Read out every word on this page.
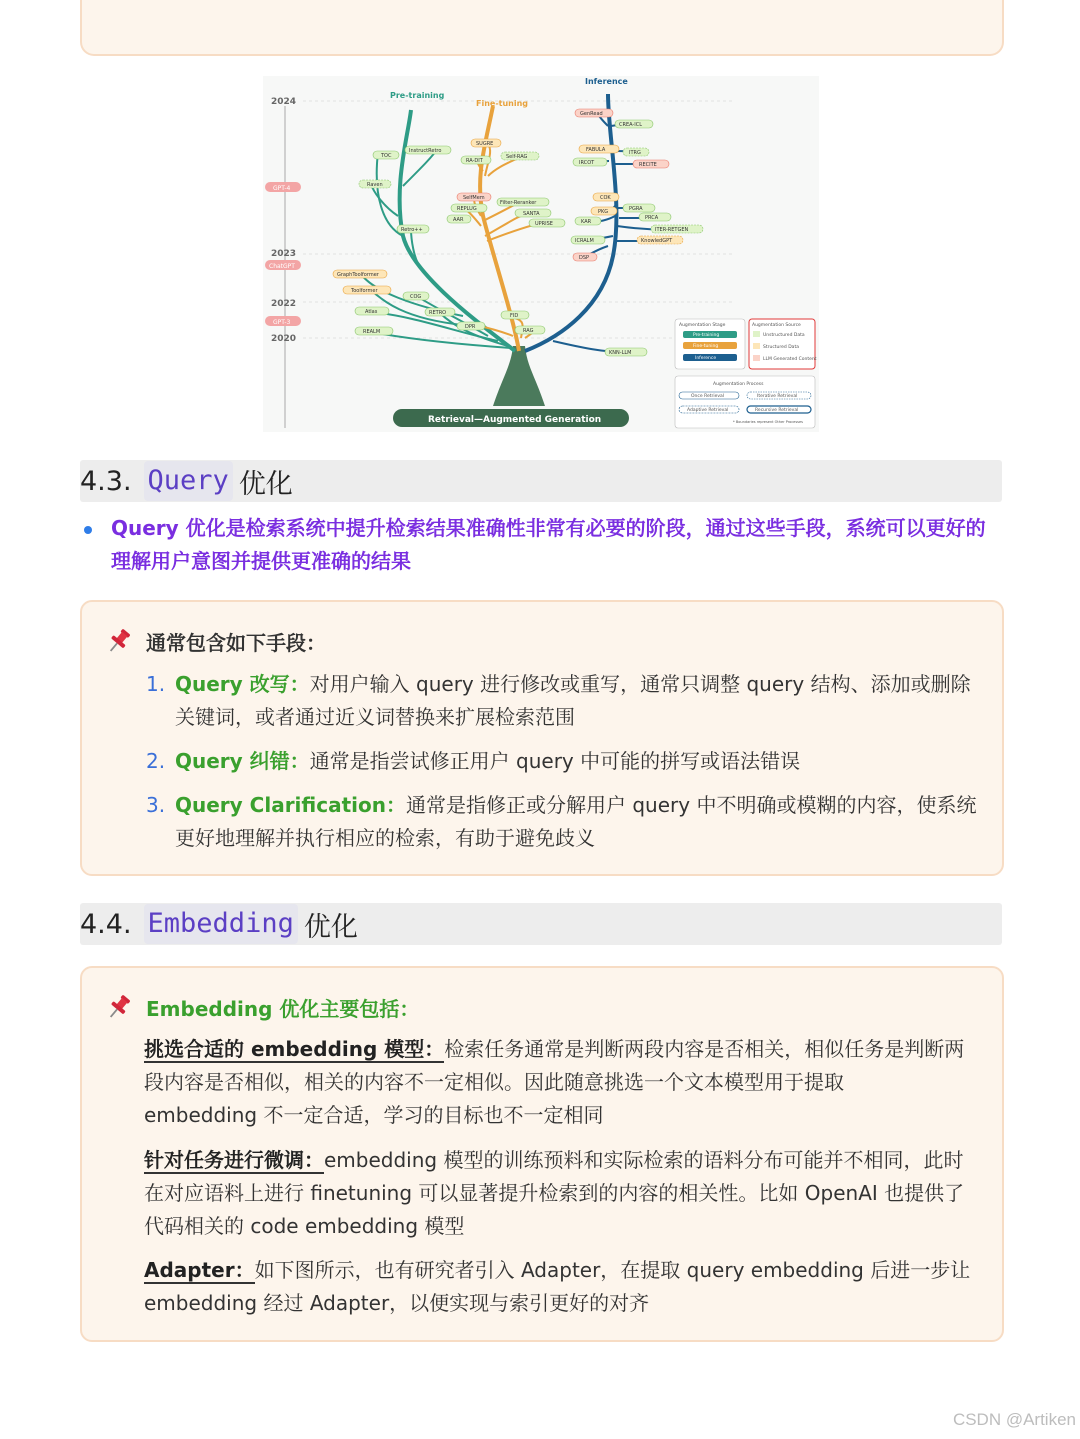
2024
GPT-4
2023
ChatGPT
2022
GPT-3
2020
Pre-training
Fine-tuning
Inference
InstructRetro
TOC
Raven
Retro++
GraphToolformer
Toolformer
COG
Atlas	RETRO
REALM
SUGRE
RA-DIT
Self-RAG
SelfMem
REPLUG
AAR
Filter-Reranker
SANTA
UPRISE
DPR
FID
RAG
GenRead
CREA-ICL
FABULA	ITRG
IRCOT	RECITE
COK
PKG	PGRA
KAR
PRCA
ITER-RETGEN
ICRALM	KnowledGPT
DSP
KNN-LLM
Retrieval—Augmented Generation
Augmentation Stage
Pre-training
Fine-tuning
Inference
Augmentation Source
Unstructured Data
Structured Data
LLM Generated Content
Augmentation Process
Once Retrieval	Iterative Retrieval
Adaptive Retrieval	Recursive Retrieval
* Boundaries represent Other Processes
4.3. Query 优化
Query 优化是检索系统中提升检索结果准确性非常有必要的阶段，通过这些手段，系统可以更好的
理解用户意图并提供更准确的结果
通常包含如下手段：
1. Query 改写：对用户输入 query 进行修改或重写，通常只调整 query 结构、添加或删除
关键词，或者通过近义词替换来扩展检索范围
2. Query 纠错：通常是指尝试修正用户 query 中可能的拼写或语法错误
3. Query Clarification：通常是指修正或分解用户 query 中不明确或模糊的内容，使系统
更好地理解并执行相应的检索，有助于避免歧义
4.4. Embedding 优化
Embedding 优化主要包括：
挑选合适的 embedding 模型：检索任务通常是判断两段内容是否相关，相似任务是判断两
段内容是否相似，相关的内容不一定相似。因此随意挑选一个文本模型用于提取
embedding 不一定合适，学习的目标也不一定相同
针对任务进行微调：embedding 模型的训练预料和实际检索的语料分布可能并不相同，此时
在对应语料上进行 finetuning 可以显著提升检索到的内容的相关性。比如 OpenAI 也提供了
代码相关的 code embedding 模型
Adapter：如下图所示，也有研究者引入 Adapter，在提取 query embedding 后进一步让
embedding 经过 Adapter，以便实现与索引更好的对齐
CSDN @Artiken
